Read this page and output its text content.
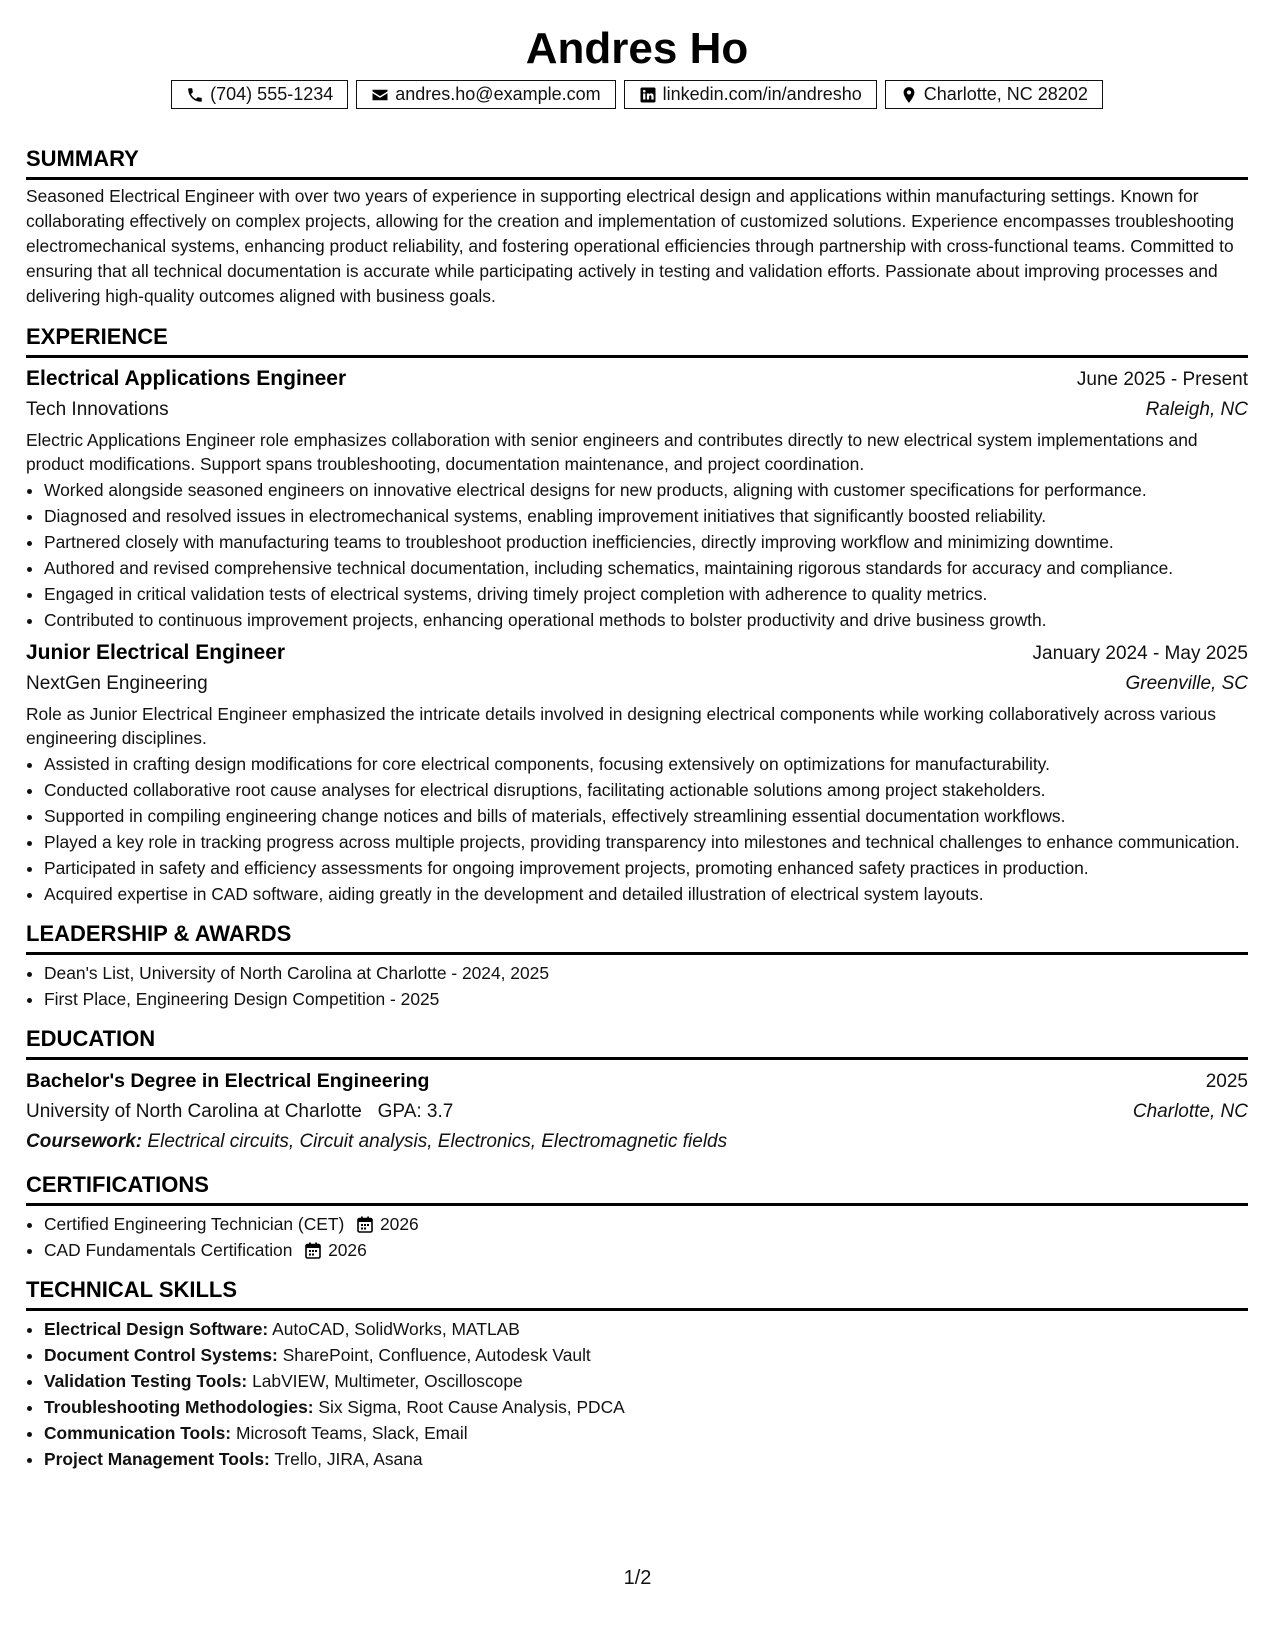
Andres Ho
(704) 555-1234	andres.ho@example.com	linkedin.com/in/andresho	Charlotte, NC 28202
SUMMARY

Seasoned Electrical Engineer with over two years of experience in supporting electrical design and applications within manufacturing settings. Known for collaborating effectively on complex projects, allowing for the creation and implementation of customized solutions. Experience encompasses troubleshooting electromechanical systems, enhancing product reliability, and fostering operational efficiencies through partnership with cross-functional teams. Committed to ensuring that all technical documentation is accurate while participating actively in testing and validation efforts. Passionate about improving processes and delivering high-quality outcomes aligned with business goals.

EXPERIENCE
Electrical Applications Engineer	June 2025 - Present
Tech Innovations	Raleigh, NC

Electric Applications Engineer role emphasizes collaboration with senior engineers and contributes directly to new electrical system implementations and product modifications. Support spans troubleshooting, documentation maintenance, and project coordination.

• Worked alongside seasoned engineers on innovative electrical designs for new products, aligning with customer specifications for performance.
• Diagnosed and resolved issues in electromechanical systems, enabling improvement initiatives that significantly boosted reliability.
• Partnered closely with manufacturing teams to troubleshoot production inefficiencies, directly improving workflow and minimizing downtime.
• Authored and revised comprehensive technical documentation, including schematics, maintaining rigorous standards for accuracy and compliance.
• Engaged in critical validation tests of electrical systems, driving timely project completion with adherence to quality metrics.
• Contributed to continuous improvement projects, enhancing operational methods to bolster productivity and drive business growth.
Junior Electrical Engineer	January 2024 - May 2025
NextGen Engineering	Greenville, SC

Role as Junior Electrical Engineer emphasized the intricate details involved in designing electrical components while working collaboratively across various engineering disciplines.

• Assisted in crafting design modifications for core electrical components, focusing extensively on optimizations for manufacturability.
• Conducted collaborative root cause analyses for electrical disruptions, facilitating actionable solutions among project stakeholders.
• Supported in compiling engineering change notices and bills of materials, effectively streamlining essential documentation workflows.
• Played a key role in tracking progress across multiple projects, providing transparency into milestones and technical challenges to enhance communication.
• Participated in safety and efficiency assessments for ongoing improvement projects, promoting enhanced safety practices in production.
• Acquired expertise in CAD software, aiding greatly in the development and detailed illustration of electrical system layouts.
LEADERSHIP & AWARDS
• Dean's List, University of North Carolina at Charlotte - 2024, 2025
• First Place, Engineering Design Competition - 2025
EDUCATION
Bachelor's Degree in Electrical Engineering	2025
University of North Carolina at Charlotte GPA: 3.7	Charlotte, NC
Coursework: Electrical circuits, Circuit analysis, Electronics, Electromagnetic fields
CERTIFICATIONS
• Certified Engineering Technician (CET) 2026
• CAD Fundamentals Certification 2026
TECHNICAL SKILLS
• Electrical Design Software: AutoCAD, SolidWorks, MATLAB
• Document Control Systems: SharePoint, Confluence, Autodesk Vault
• Validation Testing Tools: LabVIEW, Multimeter, Oscilloscope
• Troubleshooting Methodologies: Six Sigma, Root Cause Analysis, PDCA
• Communication Tools: Microsoft Teams, Slack, Email
• Project Management Tools: Trello, JIRA, Asana
1/2
